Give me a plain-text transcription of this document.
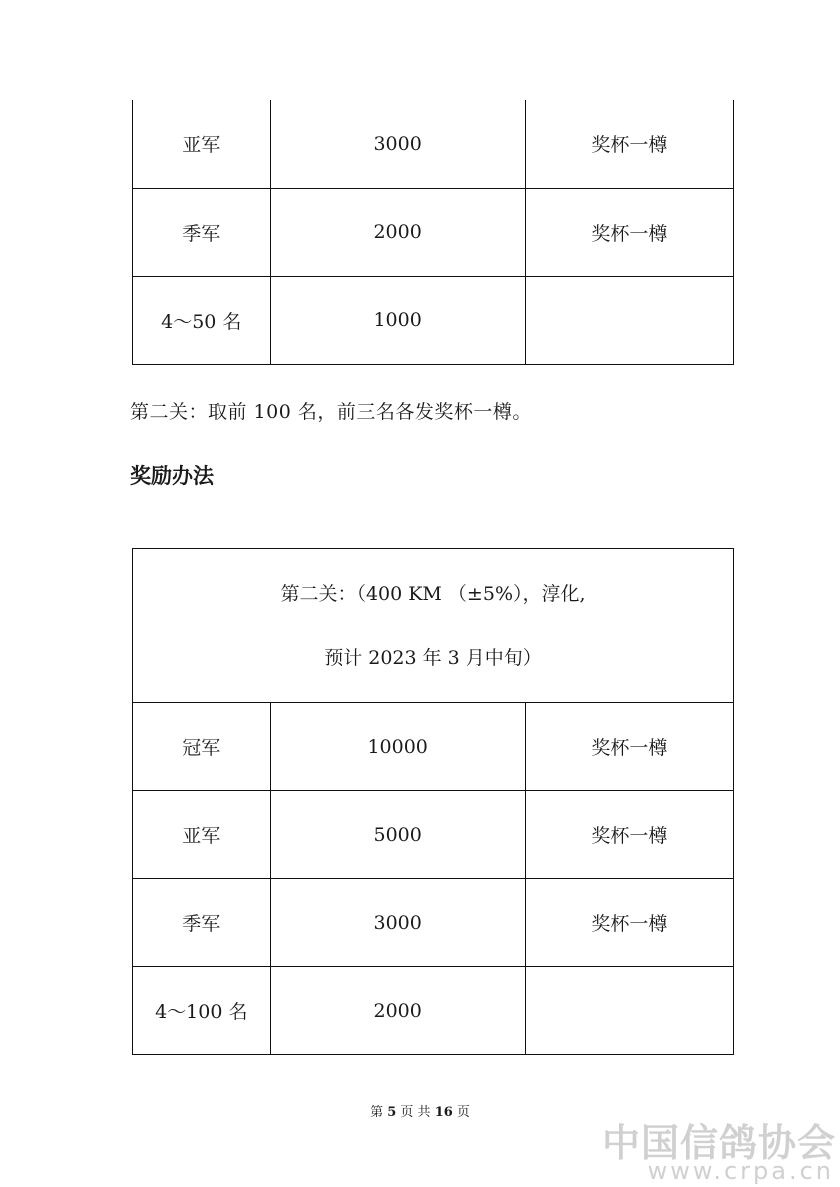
亚军	3000	奖杯一樽
季军	2000	奖杯一樽
4～50 名	1000	

第二关：取前 100 名，前三名各发奖杯一樽。

奖励办法
第二关：（400 KM （±5%），淳化,
预计 2023 年 3 月中旬）		
冠军	10000	奖杯一樽
亚军	5000	奖杯一樽
季军	3000	奖杯一樽
4～100 名	2000	
第 5 页 共 16 页
中国信鸽协会
www.crpa.cn
